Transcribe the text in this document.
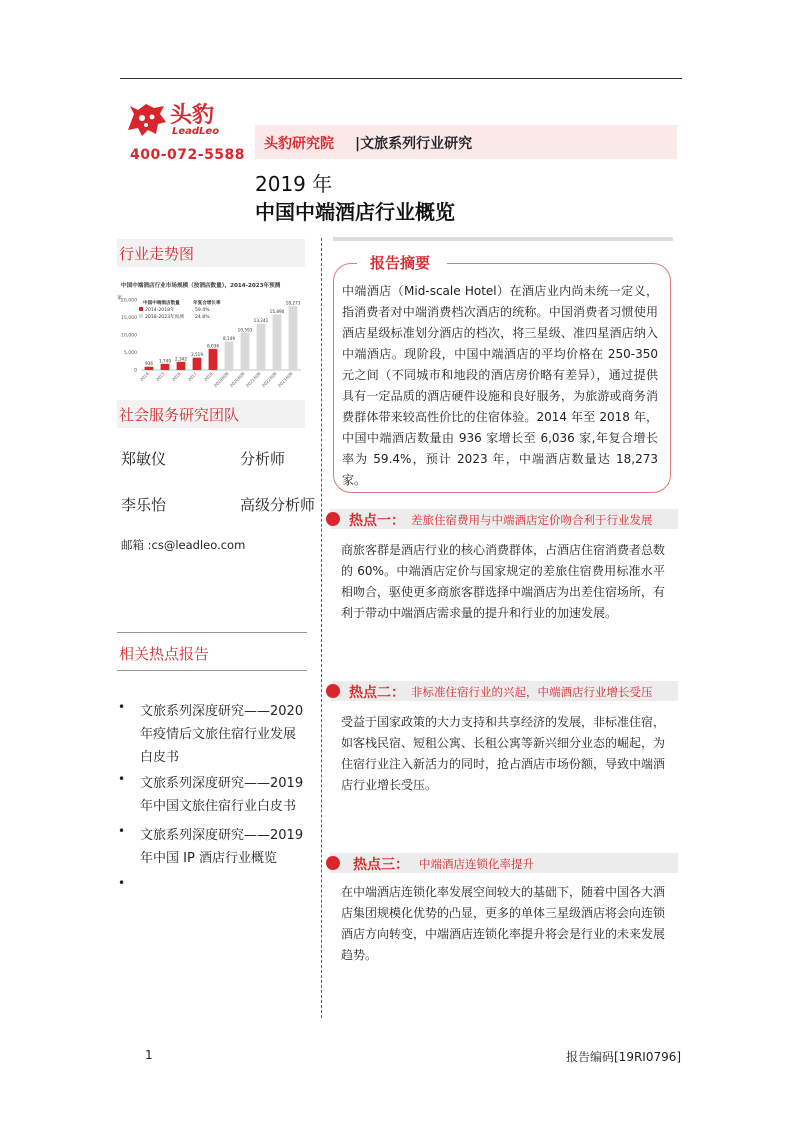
头豹
LeadLeo
400-072-5588
头豹研究院 |文旅系列行业研究
2019 年
中国中端酒店行业概览
行业走势图
中国中端酒店行业市场规模（按酒店数量），2014-2023年预测
家
中国中端酒店数量	年复合增长率
2014-2018年	59.4%
2018-2023年预测 24.8%
20,000
15,000
10,000
5,000
0
936
1,749 2,342
3,519
6,036
8,149
10,593
13,241
15,890
18,273
2014 2015 2016 2017 2018
2019预测
2020预测
2021预测
2022预测
2023预测
社会服务研究团队
郑敏仪	分析师
李乐怡	高级分析师
邮箱 :cs@leadleo.com
相关热点报告
• 文旅系列深度研究——2020
年疫情后文旅住宿行业发展
白皮书
• 文旅系列深度研究——2019
年中国文旅住宿行业白皮书
• 文旅系列深度研究——2019
年中国 IP 酒店行业概览
•
报告摘要
中端酒店（Mid-scale Hotel）在酒店业内尚未统一定义，指消费者对中端消费档次酒店的统称。中国消费者习惯使用酒店星级标准划分酒店的档次，将三星级、准四星酒店纳入中端酒店。现阶段，中国中端酒店的平均价格在 250-350 元之间（不同城市和地段的酒店房价略有差异），通过提供具有一定品质的酒店硬件设施和良好服务，为旅游或商务消费群体带来较高性价比的住宿体验。2014 年至 2018 年，中国中端酒店数量由 936 家增长至 6,036 家,年复合增长率为 59.4%，预计 2023 年，中端酒店数量达 18,273 家。
热点一： 差旅住宿费用与中端酒店定价吻合利于行业发展
商旅客群是酒店行业的核心消费群体，占酒店住宿消费者总数的 60%。中端酒店定价与国家规定的差旅住宿费用标准水平相吻合，驱使更多商旅客群选择中端酒店为出差住宿场所，有利于带动中端酒店需求量的提升和行业的加速发展。
热点二： 非标准住宿行业的兴起，中端酒店行业增长受压
受益于国家政策的大力支持和共享经济的发展，非标准住宿，如客栈民宿、短租公寓、长租公寓等新兴细分业态的崛起，为住宿行业注入新活力的同时，抢占酒店市场份额，导致中端酒店行业增长受压。
热点三： 中端酒店连锁化率提升
在中端酒店连锁化率发展空间较大的基础下，随着中国各大酒店集团规模化优势的凸显，更多的单体三星级酒店将会向连锁酒店方向转变，中端酒店连锁化率提升将会是行业的未来发展趋势。
1	报告编码[19RI0796]
